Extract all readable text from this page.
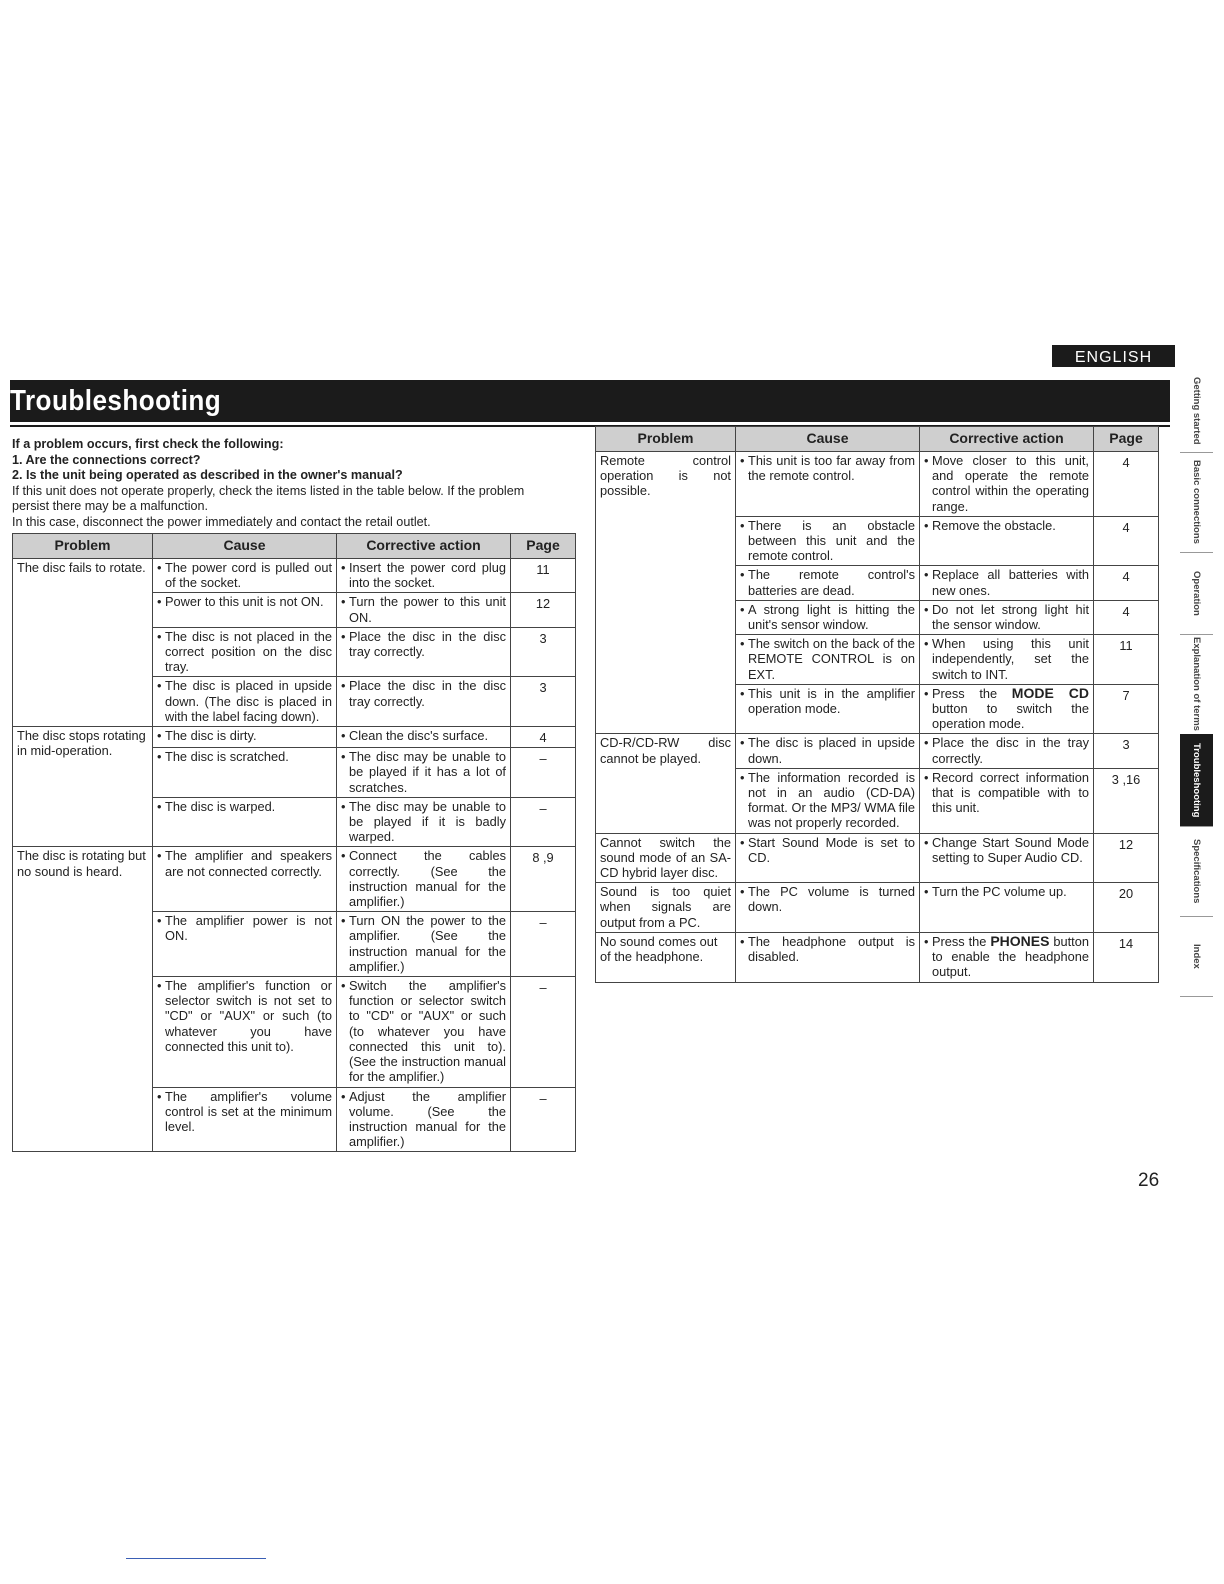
ENGLISH
Troubleshooting
If a problem occurs, first check the following:
1. Are the connections correct?
2. Is the unit being operated as described in the owner's manual?
If this unit does not operate properly, check the items listed in the table below. If the problem
persist there may be a malfunction.
In this case, disconnect the power immediately and contact the retail outlet.
Problem	Cause	Corrective action	Page
The disc fails to rotate.	• The power cord is pulled out of the socket.	• Insert the power cord plug into the socket.	11
	• Power to this unit is not ON.	• Turn the power to this unit ON.	12
	• The disc is not placed in the correct position on the disc tray.	• Place the disc in the disc tray correctly.	3
	• The disc is placed in upside down. (The disc is placed in with the label facing down).	• Place the disc in the disc tray correctly.	3
The disc stops rotating in mid-operation.	• The disc is dirty.	• Clean the disc's surface.	4
	• The disc is scratched.	• The disc may be unable to be played if it has a lot of scratches.	–
	• The disc is warped.	• The disc may be unable to be played if it is badly warped.	–
The disc is rotating but no sound is heard.	• The amplifier and speakers are not connected correctly.	• Connect the cables correctly. (See the instruction manual for the amplifier.)	8 ,9
	• The amplifier power is not ON.	• Turn ON the power to the amplifier. (See the instruction manual for the amplifier.)	–
	• The amplifier's function or selector switch is not set to "CD" or "AUX" or such (to whatever you have connected this unit to).	• Switch the amplifier's function or selector switch to "CD" or "AUX" or such (to whatever you have connected this unit to). (See the instruction manual for the amplifier.)	–
	• The amplifier's volume control is set at the minimum level.	• Adjust the amplifier volume. (See the instruction manual for the amplifier.)	–
Problem	Cause	Corrective action	Page
Remote control operation is not possible.	• This unit is too far away from the remote control.	• Move closer to this unit, and operate the remote control within the operating range.	4
	• There is an obstacle between this unit and the remote control.	• Remove the obstacle.	4
	• The remote control's batteries are dead.	• Replace all batteries with new ones.	4
	• A strong light is hitting the unit's sensor window.	• Do not let strong light hit the sensor window.	4
	• The switch on the back of the REMOTE CONTROL is on EXT.	• When using this unit independently, set the switch to INT.	11
	• This unit is in the amplifier operation mode.	• Press the MODE CD button to switch the operation mode.	7
CD-R/CD-RW disc cannot be played.	• The disc is placed in upside down.	• Place the disc in the tray correctly.	3
	• The information recorded is not in an audio (CD-DA) format. Or the MP3/ WMA file was not properly recorded.	• Record correct information that is compatible with to this unit.	3 ,16
Cannot switch the sound mode of an SA-CD hybrid layer disc.	• Start Sound Mode is set to CD.	• Change Start Sound Mode setting to Super Audio CD.	12
Sound is too quiet when signals are output from a PC.	• The PC volume is turned down.	• Turn the PC volume up.	20
No sound comes out of the headphone.	• The headphone output is disabled.	• Press the PHONES button to enable the headphone output.	14
26
Getting started
Basic connections
Operation
Explanation of terms
Troubleshooting
Specifications
Index
